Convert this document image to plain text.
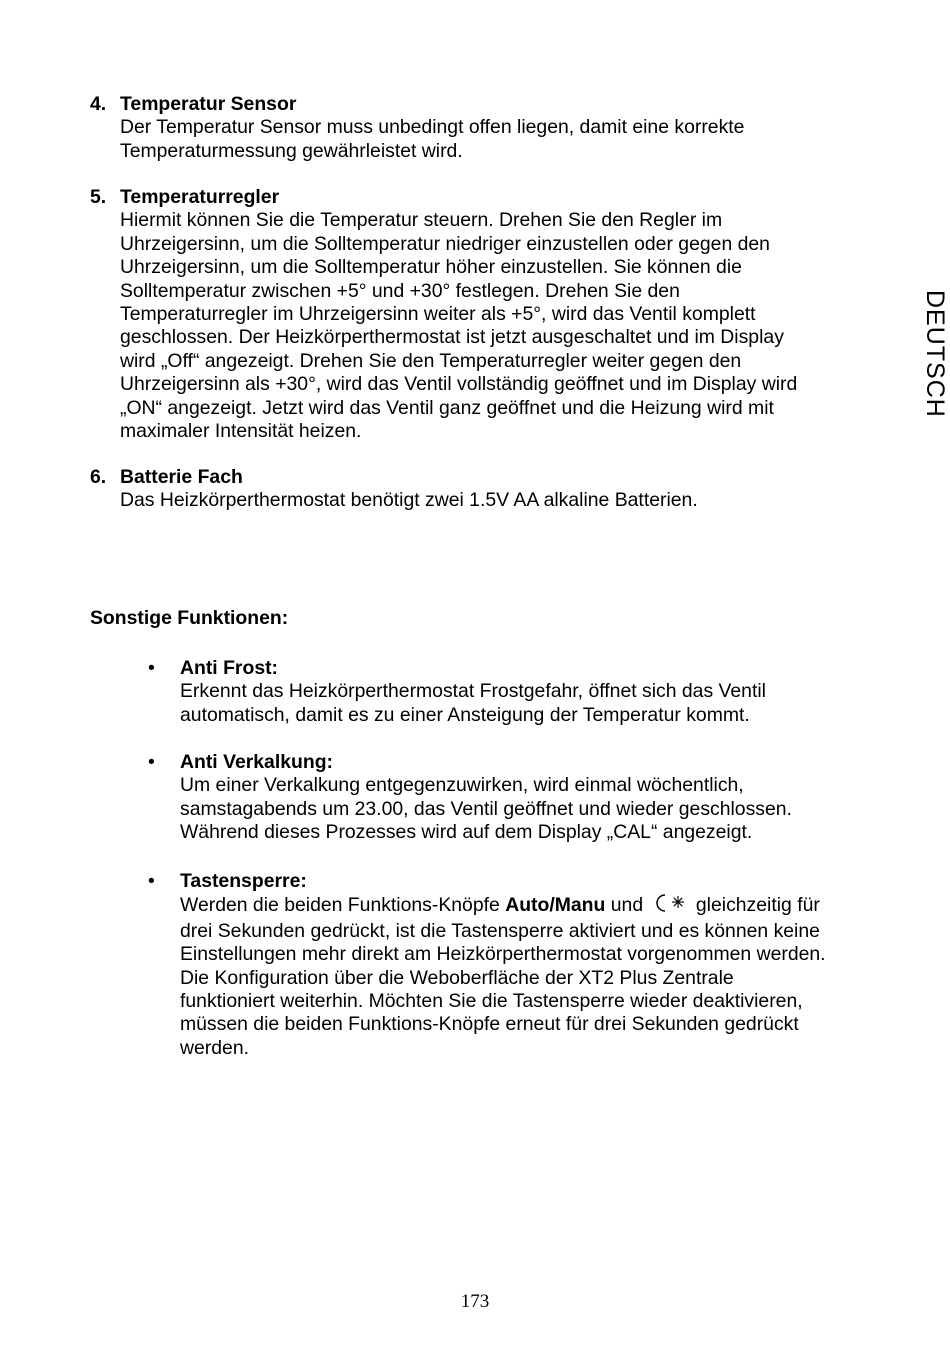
4. Temperatur Sensor
Der Temperatur Sensor muss unbedingt offen liegen, damit eine korrekte
Temperaturmessung gewährleistet wird.
5. Temperaturregler
Hiermit können Sie die Temperatur steuern. Drehen Sie den Regler im
Uhrzeigersinn, um die Solltemperatur niedriger einzustellen oder gegen den
Uhrzeigersinn, um die Solltemperatur höher einzustellen. Sie können die
Solltemperatur zwischen +5° und +30° festlegen. Drehen Sie den
Temperaturregler im Uhrzeigersinn weiter als +5°, wird das Ventil komplett
geschlossen. Der Heizkörperthermostat ist jetzt ausgeschaltet und im Display
wird „Off“ angezeigt. Drehen Sie den Temperaturregler weiter gegen den
Uhrzeigersinn als +30°, wird das Ventil vollständig geöffnet und im Display wird
„ON“ angezeigt. Jetzt wird das Ventil ganz geöffnet und die Heizung wird mit
maximaler Intensität heizen.
6. Batterie Fach
Das Heizkörperthermostat benötigt zwei 1.5V AA alkaline Batterien.
Sonstige Funktionen:
• Anti Frost:
Erkennt das Heizkörperthermostat Frostgefahr, öffnet sich das Ventil
automatisch, damit es zu einer Ansteigung der Temperatur kommt.
• Anti Verkalkung:
Um einer Verkalkung entgegenzuwirken, wird einmal wöchentlich,
samstagabends um 23.00, das Ventil geöffnet und wieder geschlossen.
Während dieses Prozesses wird auf dem Display „CAL“ angezeigt.
• Tastensperre:
Werden die beiden Funktions-Knöpfe Auto/Manu und  gleichzeitig für
drei Sekunden gedrückt, ist die Tastensperre aktiviert und es können keine
Einstellungen mehr direkt am Heizkörperthermostat vorgenommen werden.
Die Konfiguration über die Weboberfläche der XT2 Plus Zentrale
funktioniert weiterhin. Möchten Sie die Tastensperre wieder deaktivieren,
müssen die beiden Funktions-Knöpfe erneut für drei Sekunden gedrückt
werden.
DEUTSCH
173
